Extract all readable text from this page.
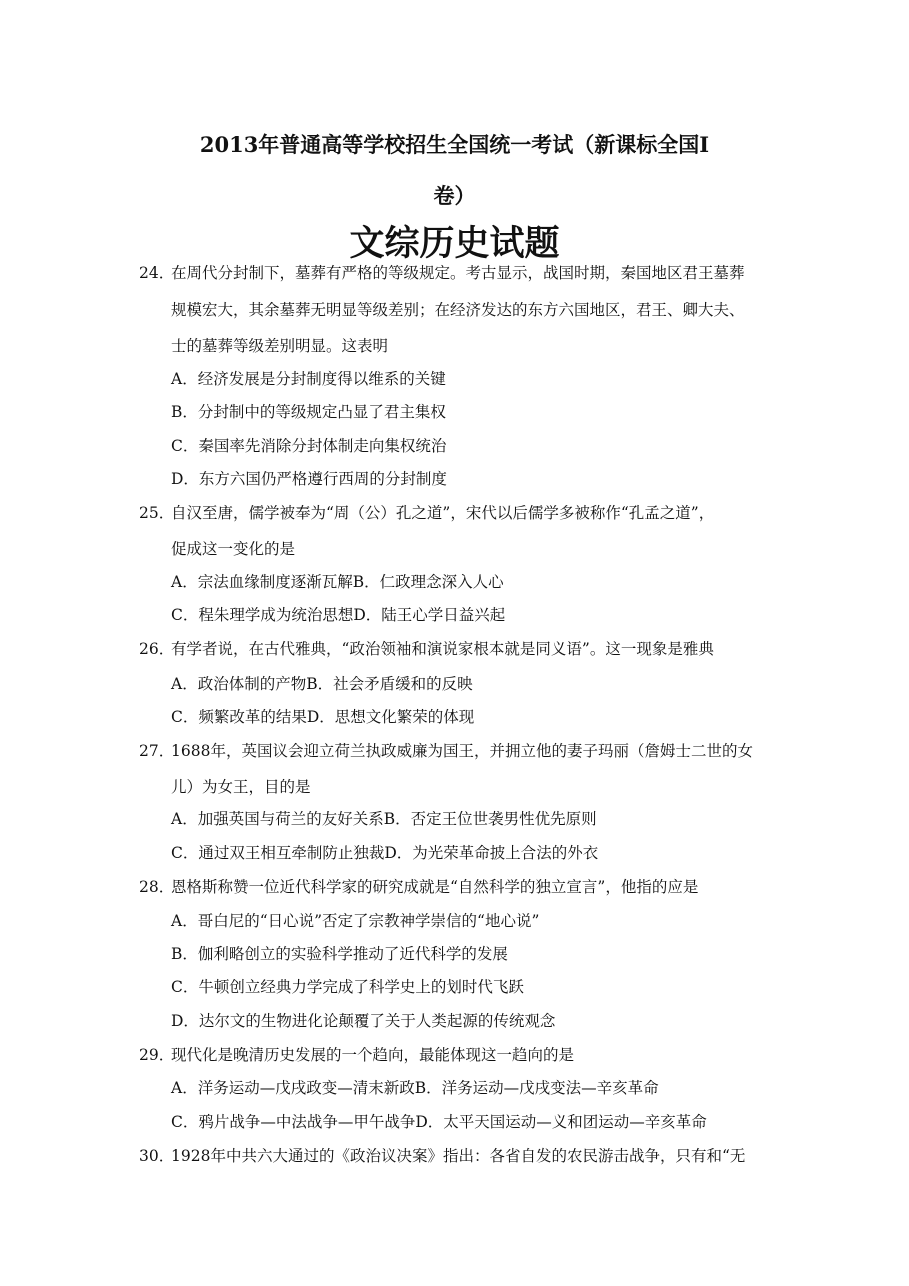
2013年普通高等学校招生全国统一考试（新课标全国Ⅰ
卷）
文综历史试题
24．
在周代分封制下，墓葬有严格的等级规定。考古显示，战国时期，秦国地区君王墓葬
规模宏大，其余墓葬无明显等级差别；在经济发达的东方六国地区，君王、卿大夫、
士的墓葬等级差别明显。这表明
A．经济发展是分封制度得以维系的关键
B．分封制中的等级规定凸显了君主集权
C．秦国率先消除分封体制走向集权统治
D．东方六国仍严格遵行西周的分封制度
25．
自汉至唐，儒学被奉为“周（公）孔之道”，宋代以后儒学多被称作“孔孟之道”，
促成这一变化的是
A．宗法血缘制度逐渐瓦解B．仁政理念深入人心
C．程朱理学成为统治思想D．陆王心学日益兴起
26．
有学者说，在古代雅典，“政治领袖和演说家根本就是同义语”。这一现象是雅典
A．政治体制的产物B．社会矛盾缓和的反映
C．频繁改革的结果D．思想文化繁荣的体现
27．
1688年，英国议会迎立荷兰执政威廉为国王，并拥立他的妻子玛丽（詹姆士二世的女
儿）为女王，目的是
A．加强英国与荷兰的友好关系B．否定王位世袭男性优先原则
C．通过双王相互牵制防止独裁D．为光荣革命披上合法的外衣
28．
恩格斯称赞一位近代科学家的研究成就是“自然科学的独立宣言”，他指的应是
A．哥白尼的“日心说”否定了宗教神学崇信的“地心说”
B．伽利略创立的实验科学推动了近代科学的发展
C．牛顿创立经典力学完成了科学史上的划时代飞跃
D．达尔文的生物进化论颠覆了关于人类起源的传统观念
29．
现代化是晚清历史发展的一个趋向，最能体现这一趋向的是
A．洋务运动—戊戌政变—清末新政B．洋务运动—戊戌变法—辛亥革命
C．鸦片战争—中法战争—甲午战争D．太平天国运动—义和团运动—辛亥革命
30．
1928年中共六大通过的《政治议决案》指出：各省自发的农民游击战争，只有和“无
